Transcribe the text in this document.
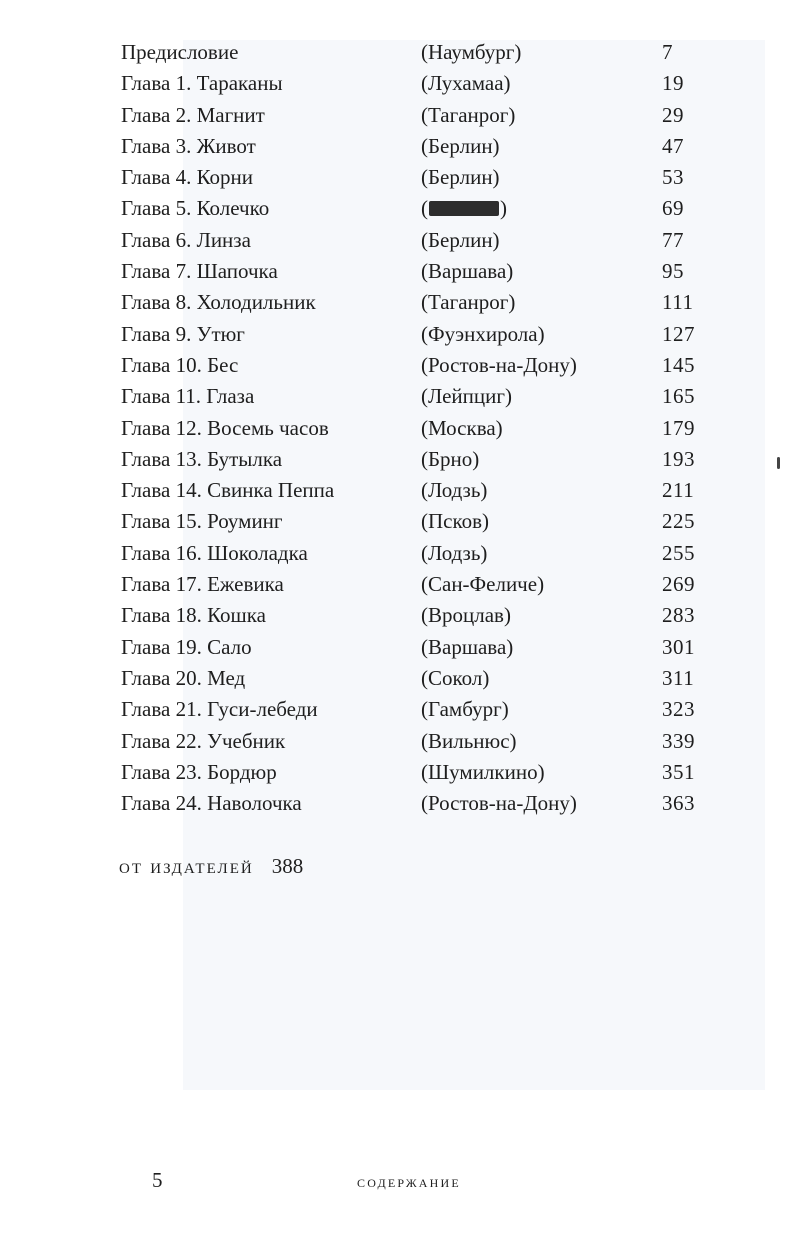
Предисловие	(Наумбург)	7
Глава 1. Тараканы	(Лухамаа)	19
Глава 2. Магнит	(Таганрог)	29
Глава 3. Живот	(Берлин)	47
Глава 4. Корни	(Берлин)	53
Глава 5. Колечко	(	)	69
Глава 6. Линза	(Берлин)	77
Глава 7. Шапочка	(Варшава)	95
Глава 8. Холодильник	(Таганрог)	111
Глава 9. Утюг	(Фуэнхирола)	127
Глава 10. Бес	(Ростов-на-Дону)	145
Глава 11. Глаза	(Лейпциг)	165
Глава 12. Восемь часов	(Москва)	179
Глава 13. Бутылка	(Брно)	193
Глава 14. Свинка Пеппа	(Лодзь)	211
Глава 15. Роуминг	(Псков)	225
Глава 16. Шоколадка	(Лодзь)	255
Глава 17. Ежевика	(Сан-Феличе)	269
Глава 18. Кошка	(Вроцлав)	283
Глава 19. Сало	(Варшава)	301
Глава 20. Мед	(Сокол)	311
Глава 21. Гуси-лебеди	(Гамбург)	323
Глава 22. Учебник	(Вильнюс)	339
Глава 23. Бордюр	(Шумилкино)	351
Глава 24. Наволочка	(Ростов-на-Дону)	363
от издателей 388
5	содержание
